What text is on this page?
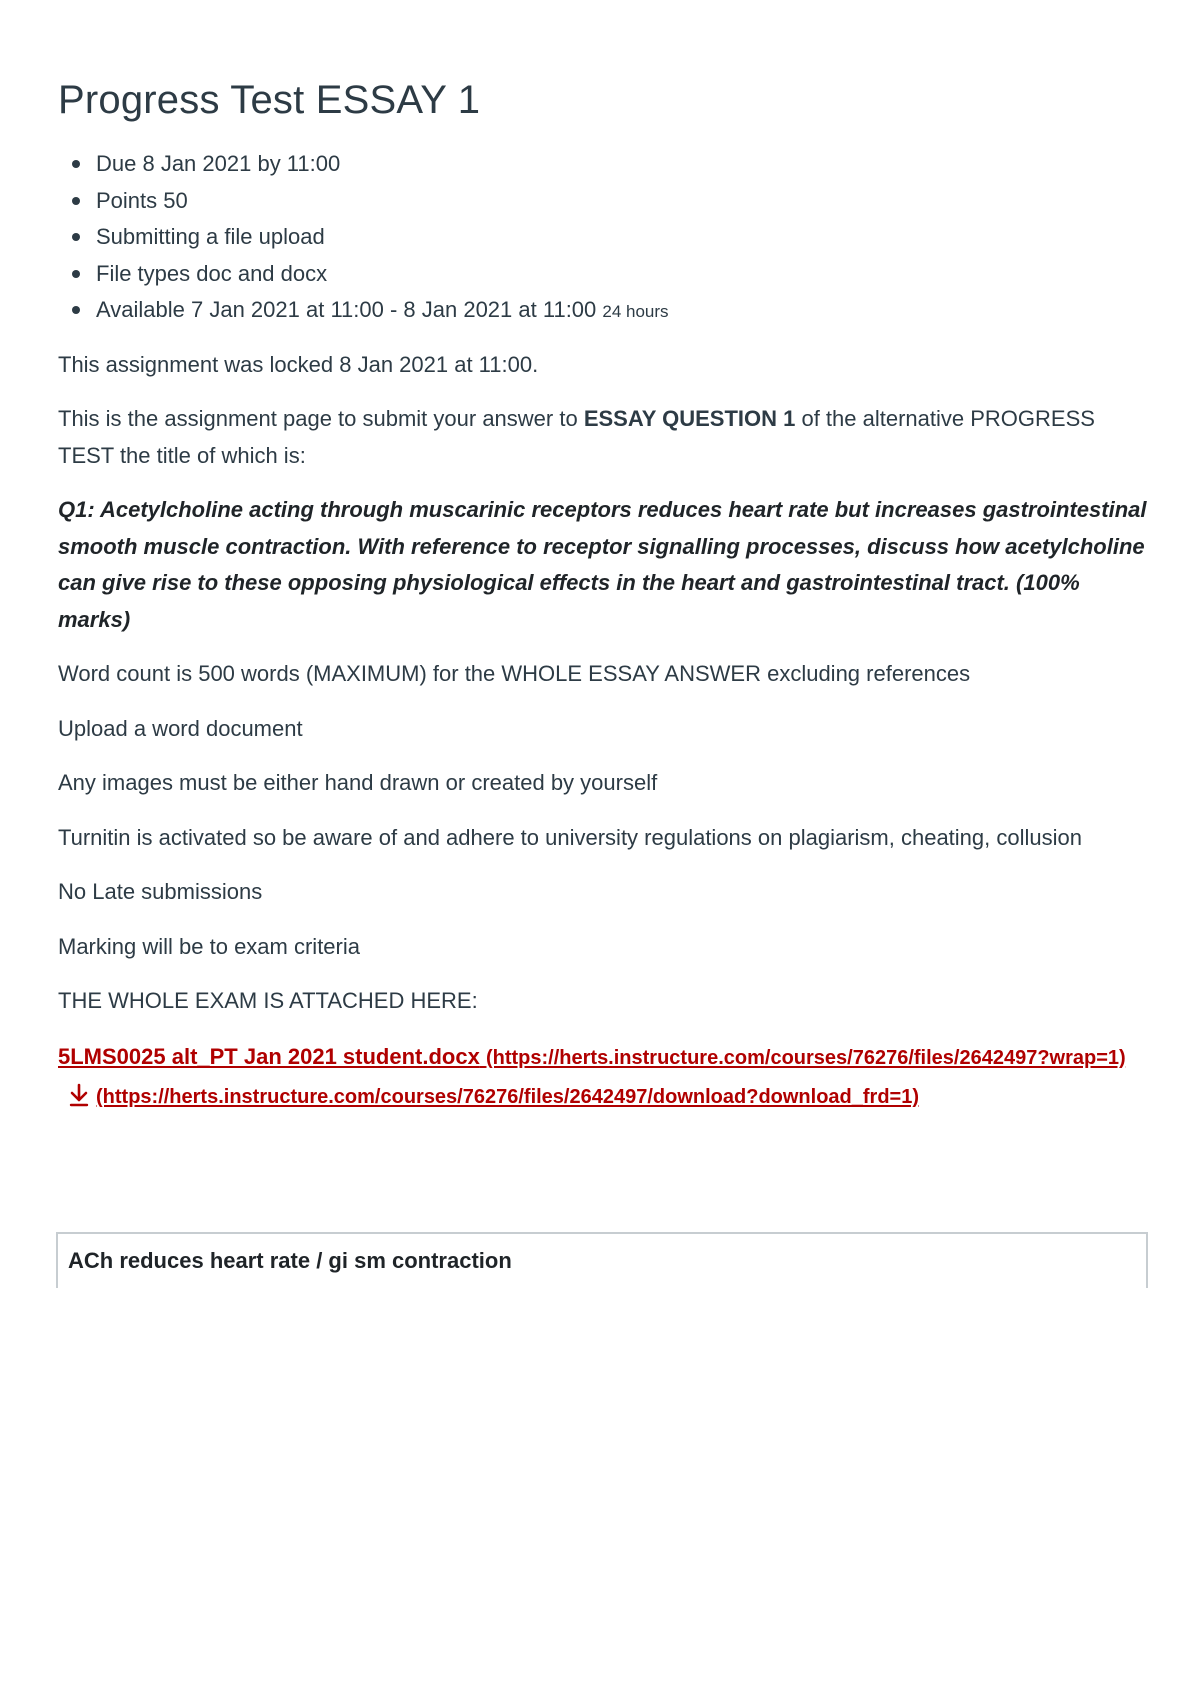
Progress Test ESSAY 1
Due 8 Jan 2021 by 11:00
Points 50
Submitting a file upload
File types doc and docx
Available 7 Jan 2021 at 11:00 - 8 Jan 2021 at 11:00 24 hours

This assignment was locked 8 Jan 2021 at 11:00.

This is the assignment page to submit your answer to ESSAY QUESTION 1 of the alternative PROGRESS TEST the title of which is:

Q1: Acetylcholine acting through muscarinic receptors reduces heart rate but increases gastrointestinal smooth muscle contraction. With reference to receptor signalling processes, discuss how acetylcholine can give rise to these opposing physiological effects in the heart and gastrointestinal tract. (100% marks)

Word count is 500 words (MAXIMUM) for the WHOLE ESSAY ANSWER excluding references

Upload a word document

Any images must be either hand drawn or created by yourself

Turnitin is activated so be aware of and adhere to university regulations on plagiarism, cheating, collusion

No Late submissions

Marking will be to exam criteria

THE WHOLE EXAM IS ATTACHED HERE:

5LMS0025 alt_PT Jan 2021 student.docx (https://herts.instructure.com/courses/76276/files/2642497?wrap=1)(https://herts.instructure.com/courses/76276/files/2642497/download?download_frd=1)
ACh reduces heart rate / gi sm contraction
